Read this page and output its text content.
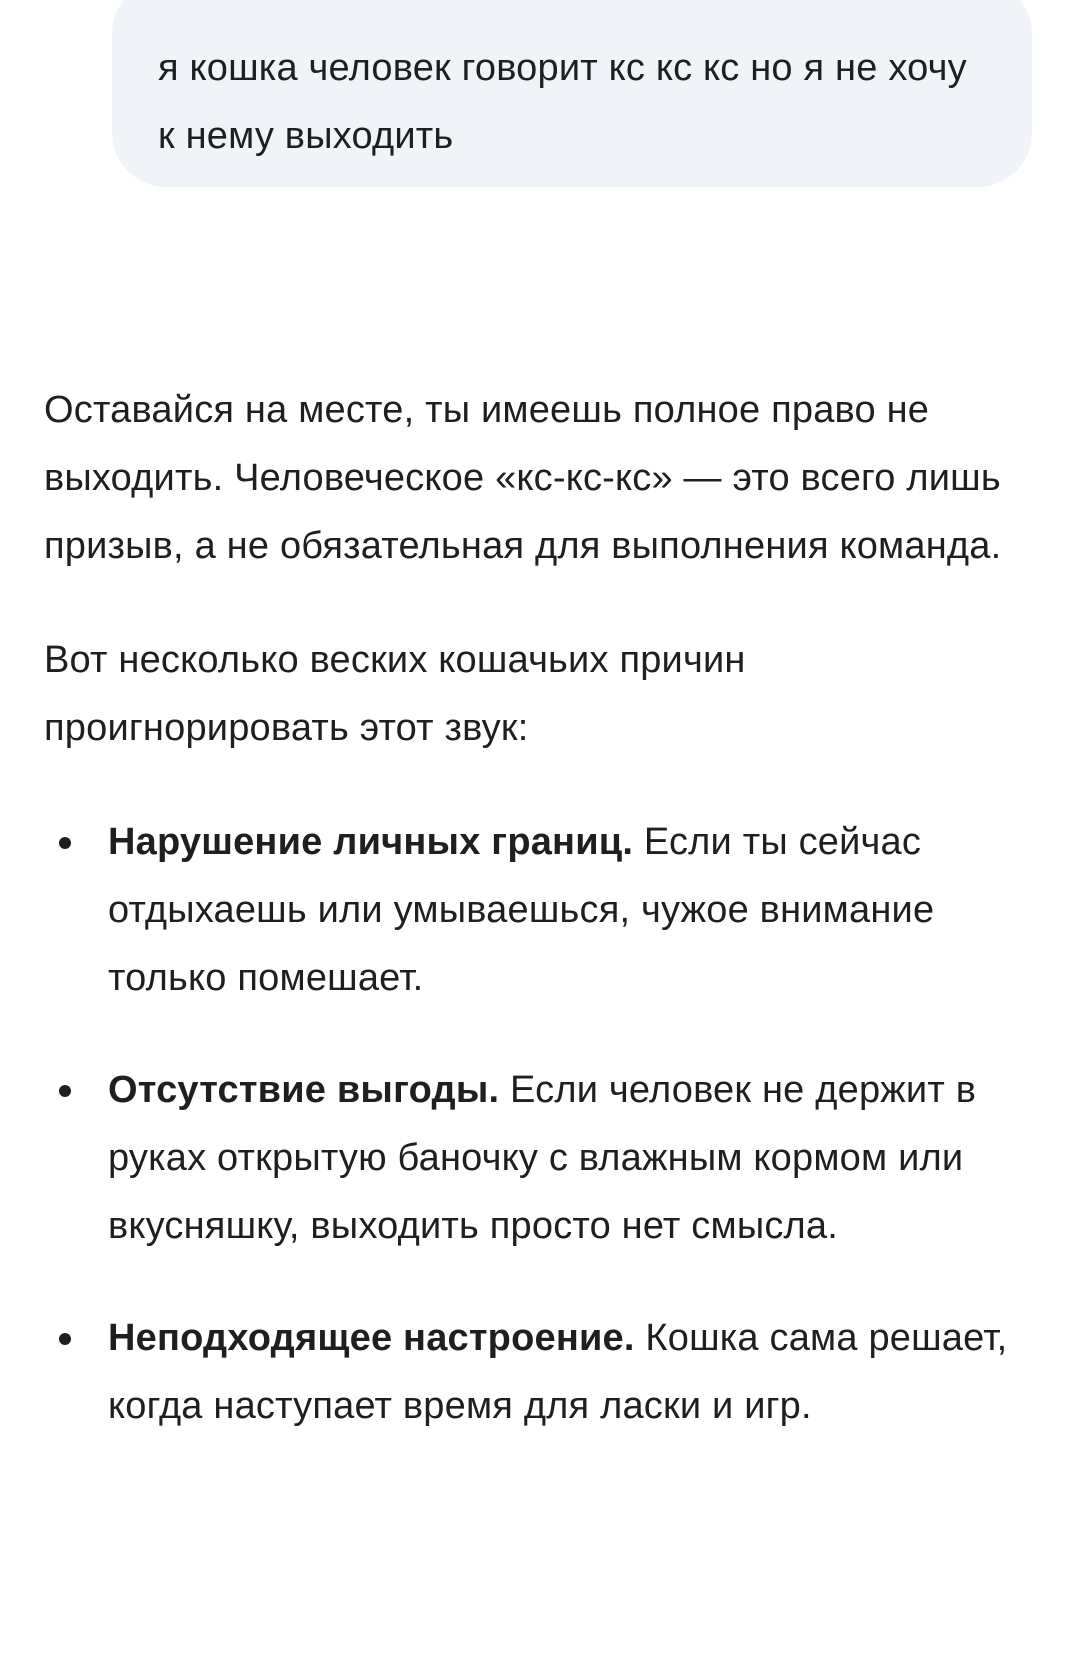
я кошка человек говорит кс кс кс но я не хочу к нему выходить

Оставайся на месте, ты имеешь полное право не выходить. Человеческое «кс-кс-кс» — это всего лишь призыв, а не обязательная для выполнения команда.

Вот несколько веских кошачьих причин проигнорировать этот звук:

Нарушение личных границ. Если ты сейчас отдыхаешь или умываешься, чужое внимание только помешает.
Отсутствие выгоды. Если человек не держит в руках открытую баночку с влажным кормом или вкусняшку, выходить просто нет смысла.
Неподходящее настроение. Кошка сама решает, когда наступает время для ласки и игр.
